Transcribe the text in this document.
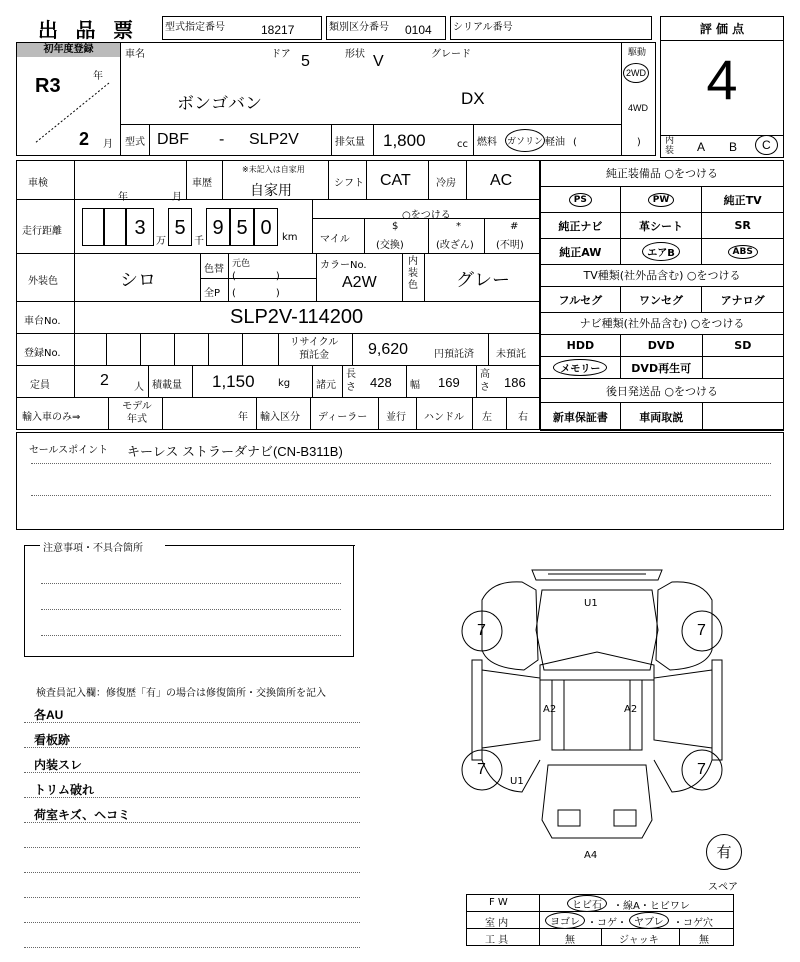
出 品 票	型式指定番号	18217	類別区分番号 0104 シリアル番号	評 価 点
4
内装 A B	C
初年度登録
R3	年
2 月
車名
ボンゴバン
ドア 5	形状 V	グレード
DX
駆動
2WD
4WD
型式 DBF - SLP2V	排気量 1,800	cc 燃料 ガソリン 軽油 (　　　　　　)
車検
年	月
車歴
※未記入は自家用
自家用	シフト CAT	冷房 AC
走行距離	3
万
5
千
9 5 0	km
○をつける
マイル
$
(交換)
*
(改ざん)
#
(不明)
外装色	シロ
色替
全P
元色
(　　　　)
(　　　　)
カラーNo.
A2W
内装色 グレー
車台No.	SLP2V-114200
登録No.
リサイクル預託金	9,620	円預託済 未預託
定員	2	人 積載量 1,150 kg	諸元
長さ 428 幅 169
高さ 186
輸入車のみ⇒
モデル年式	年 輸入区分 ディーラー 並行 ハンドル 左	右
純正装備品 ○をつける
PS	PW	純正TV
純正ナビ	革シート	SR
純正AW	エアB	ABS
TV種類(社外品含む) ○をつける
フルセグ	ワンセグ	アナログ
ナビ種類(社外品含む) ○をつける
HDD	DVD	SD
メモリー	DVD再生可	
後日発送品 ○をつける
新車保証書	車両取説	
セールスポイント キーレス ストラーダナビ(CN-B311B)
注意事項・不具合箇所
検査員記入欄：修復歴「有」の場合は修復箇所・交換箇所を記入
各AU
看板跡
内装スレ
トリム破れ
荷室キズ、ヘコミ
U1
U1
A2	A2
A4
7	7
7	7
有
スペア
F W
室 内
工 具
ヒビ石	・線A・ヒビワレ
ヨゴレ ・コゲ・ ヤブレ ・コゲ穴
無	ジャッキ	無
